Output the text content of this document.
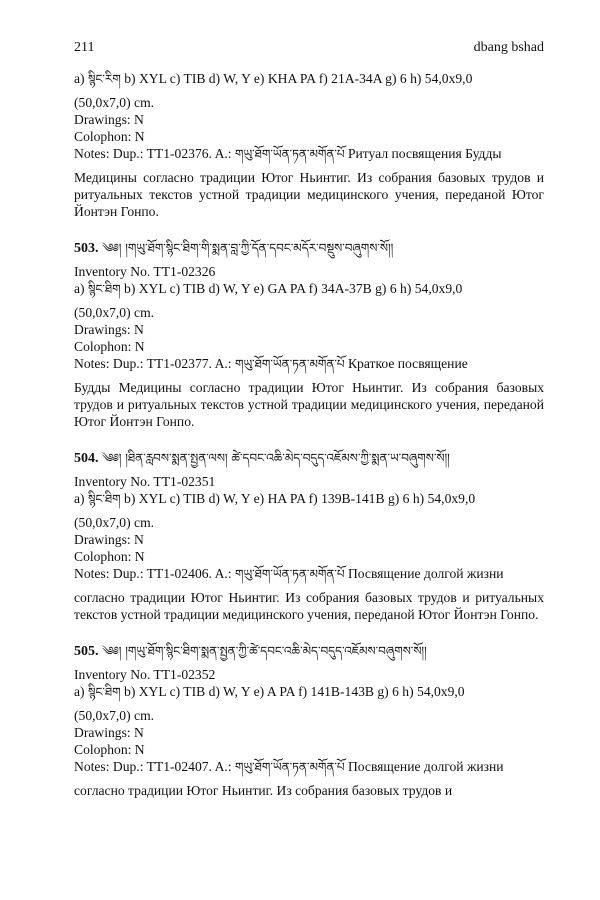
211	dbang bshad
a) སྙིང་རིག b) XYL c) TIB d) W, Y e) KHA PA f) 21A-34A g) 6 h) 54,0x9,0
(50,0x7,0) cm.
Drawings: N
Colophon: N
Notes: Dup.: TT1-02376. A.: གཡུ་ཐོག་ཡོན་ཏན་མགོན་པོ Ритуал посвящения Будды
Медицины согласно традиции Ютог Ньинтиг. Из собрания базовых трудов и ритуальных текстов устной традиции медицинского учения, переданой Ютог Йонтэн Гонпо.
503. ༄༅། །གཡུ་ཐོག་སྙིང་ཐིག་གི་སྨན་བླ་ཀྱི་དོན་དབང་མདོར་བསྡུས་བཞུགས་སོ།།
Inventory No. TT1-02326
a) སྙིང་ཐིག b) XYL c) TIB d) W, Y e) GA PA f) 34A-37B g) 6 h) 54,0x9,0
(50,0x7,0) cm.
Drawings: N
Colophon: N
Notes: Dup.: TT1-02377. A.: གཡུ་ཐོག་ཡོན་ཏན་མགོན་པོ Краткое посвящение
Будды Медицины согласно традиции Ютог Ньинтиг. Из собрания базовых трудов и ритуальных текстов устной традиции медицинского учения, переданой Ютог Йонтэн Гонпо.
504. ༄༅། །ཐིན་རླབས་སྨན་སྤྱན་ལས། ཚེ་དབང་འཆི་མེད་བདུད་འཇོམས་ཀྱི་སྨན་ཡ་བཞུགས་སོ།།
Inventory No. TT1-02351
a) སྙིང་ཐིག b) XYL c) TIB d) W, Y e) HA PA f) 139B-141B g) 6 h) 54,0x9,0
(50,0x7,0) cm.
Drawings: N
Colophon: N
Notes: Dup.: TT1-02406. A.: གཡུ་ཐོག་ཡོན་ཏན་མགོན་པོ Посвящение долгой жизни
согласно традиции Ютог Ньинтиг. Из собрания базовых трудов и ритуальных текстов устной традиции медицинского учения, переданой Ютог Йонтэн Гонпо.
505. ༄༅། །གཡུ་ཐོག་སྙིང་ཐིག་སྨན་སྤྱན་ཀྱི་ཚེ་དབང་འཆི་མེད་བདུད་འཇོམས་བཞུགས་སོ།།
Inventory No. TT1-02352
a) སྙིང་ཐིག b) XYL c) TIB d) W, Y e) A PA f) 141B-143B g) 6 h) 54,0x9,0
(50,0x7,0) cm.
Drawings: N
Colophon: N
Notes: Dup.: TT1-02407. A.: གཡུ་ཐོག་ཡོན་ཏན་མགོན་པོ Посвящение долгой жизни
согласно традиции Ютог Ньинтиг. Из собрания базовых трудов и
